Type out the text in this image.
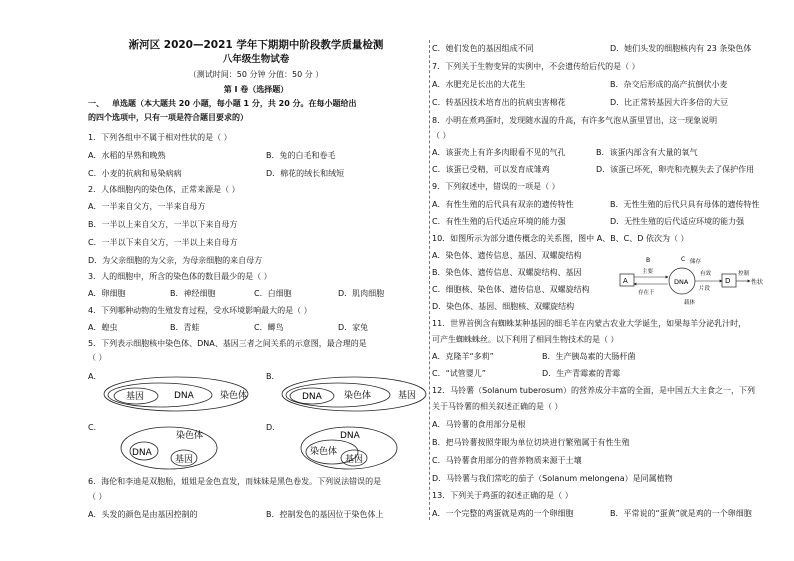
淅河区 2020—2021 学年下期期中阶段教学质量检测
八年级生物试卷
（测试时间：50 分钟 分值：50 分 ）
第 I 卷（选择题）
一、 单选题（本大题共 20 小题，每小题 1 分，共 20 分。在每小题给出
的四个选项中，只有一项是符合题目要求的）
1．下列各组中不属于相对性状的是（ ）
A．水稻的早熟和晚熟	B．兔的白毛和卷毛
C．小麦的抗病和易染病病	D．棉花的绒长和绒短
2．人体细胞内的染色体，正常来源是（ ）
A．一半来自父方，一半来自母方
B．一半以上来自父方，一半以下来自母方
C．一半以下来自父方，一半以上来自母方
D．为父亲细胞的为父亲，为母亲细胞的来自母方
3．人的细胞中，所含的染色体的数目最少的是（ ）
A．卵细胞	B．神经细胞	C．白细胞	D．肌肉细胞
4．下列哪种动物的生殖发育过程，受水环境影响最大的是（ ）
A．蝗虫	B．青蛙	C．鲫鸟	D．家兔
5．下列表示细胞核中染色体、DNA、基因三者之间关系的示意图，最合理的是
（ ）
A．	B．
C．	D．
基因	DNA	染色体	DNA 染色体	基因
染色体
DNA
基因
DNA
染色体
基因
6．海伦和李迪是双胞胎，姐姐是金色直发，而妹妹是黑色卷发。下列说法错误的是
（ ）
A．头发的颜色是由基因控制的	B．控制发色的基因位于染色体上
C．她们发色的基因组成不同	D．她们头发的细胞核内有 23 条染色体
7．下列关于生物变异的实例中，不会遗传给后代的是（ ）
A．水肥充足长出的大花生	B．杂交后形成的高产抗倒伏小麦
C．转基因技术培育出的抗病虫害棉花	D．比正常转基因大许多倍的大豆
8．小明在煮鸡蛋时，发现随水温的升高，有许多气泡从蛋里冒出，这一现象说明
（ ）
A．该蛋壳上有许多肉眼看不见的气孔	B．该蛋内部含有大量的氧气
C．该蛋已受精，可以发育成雏鸡	D．该蛋已坏死，卵壳和壳膜失去了保护作用
9．下列叙述中，错误的一项是（ ）
A．有性生殖的后代具有双亲的遗传特性	B．无性生殖的后代只具有母体的遗传特性
C．有性生殖的后代适应环境的能力强	D．无性生殖的后代适应环境的能力强
10．如图所示为部分遗传概念的关系图，图中 A、B、C、D 依次为（ ）
A．染色体、遗传信息、基因、双螺旋结构
B．染色体、遗传信息、双螺旋结构、基因
C．细胞核、染色体、遗传信息、双螺旋结构
D．染色体、基因、细胞核、双螺旋结构
A
主要
存在于
B
DNA
储存
C
载体
有效
片段
D
控制
性状
11．世界首例含有蜘蛛某种基因的细毛羊在内蒙古农业大学诞生，如果每羊分泌乳汁时，
可产生蜘蛛蛛丝。以下利用了相同生物技术的是（ ）
A．克隆羊“多莉”	B．生产胰岛素的大肠杆菌
C．“试管婴儿”	D．生产青霉素的青霉
12．马铃薯（Solanum tuberosum）的营养成分丰富的全面，是中国五大主食之一，下列
关于马铃薯的相关叙述正确的是（ ）
A．马铃薯的食用部分是根
B．把马铃薯按照芽眼为单位切块进行繁殖属于有性生殖
C．马铃薯食用部分的营养物质来源于土壤
D．马铃薯与我们常吃的茄子（Solanum melongena）是同属植物
13．下列关于鸡蛋的叙述正确的是（ ）
A．一个完整的鸡蛋就是鸡的一个卵细胞	B．平常说的“蛋黄”就是鸡的一个卵细胞
